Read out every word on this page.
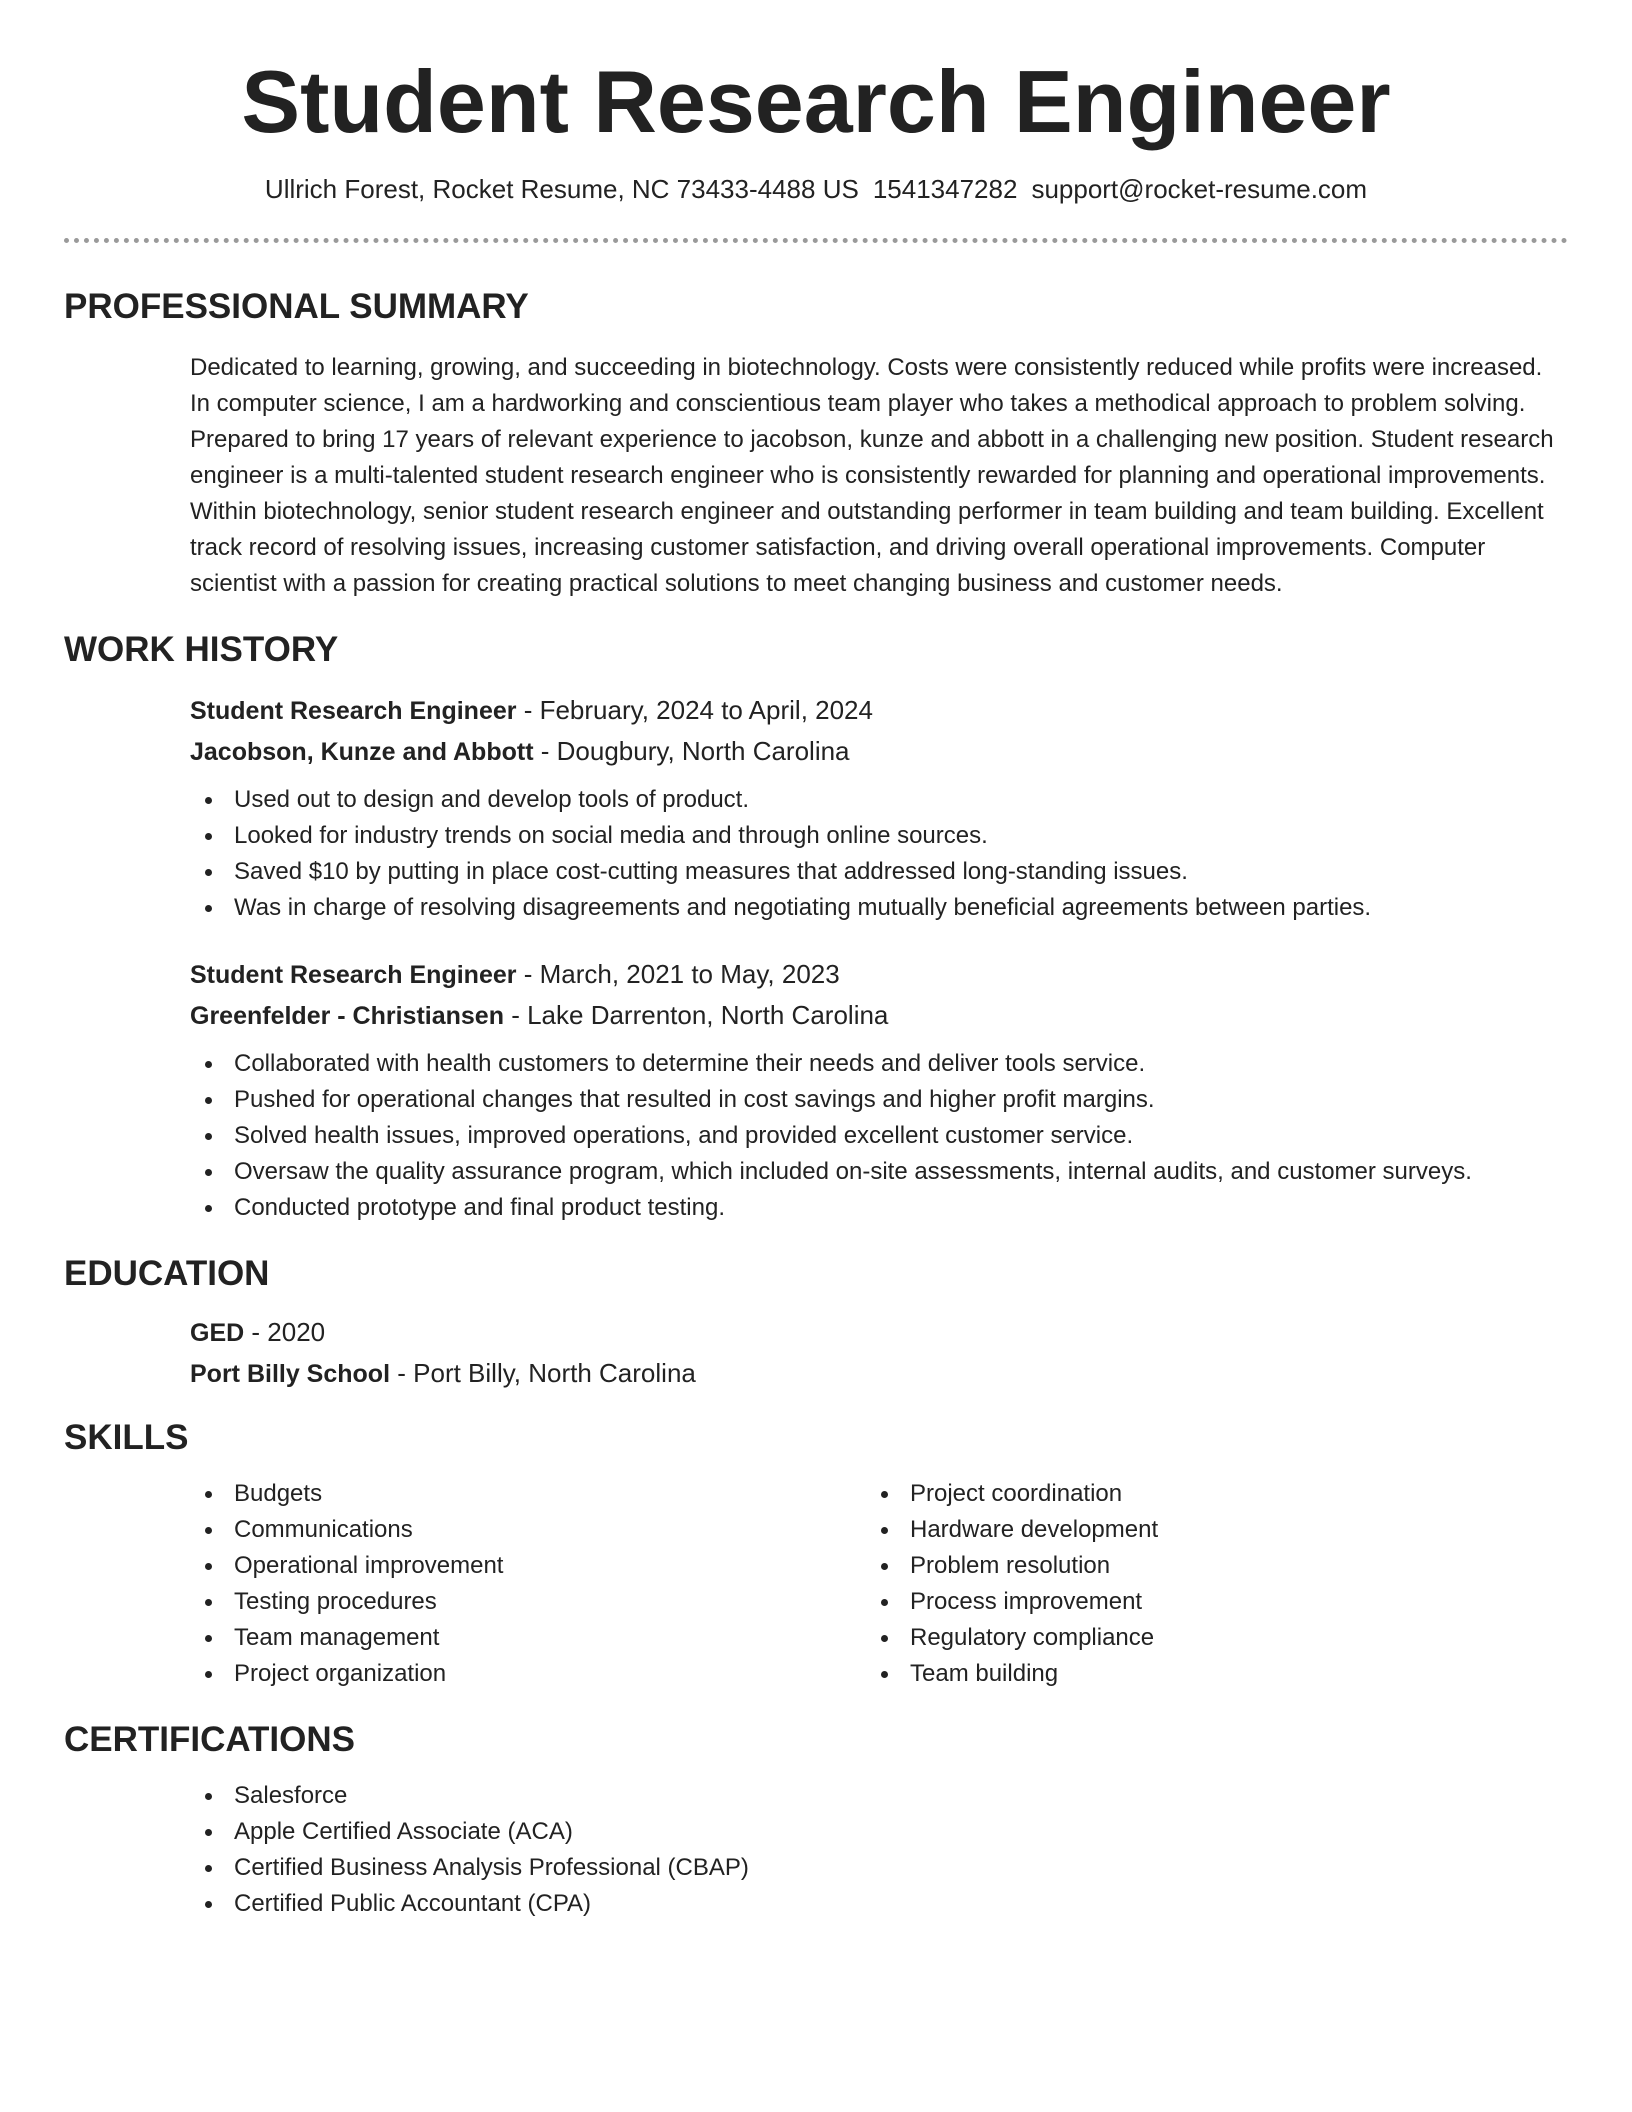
Student Research Engineer
Ullrich Forest, Rocket Resume, NC 73433-4488 US 1541347282 support@rocket-resume.com
PROFESSIONAL SUMMARY

Dedicated to learning, growing, and succeeding in biotechnology. Costs were consistently reduced while profits were increased. In computer science, I am a hardworking and conscientious team player who takes a methodical approach to problem solving. Prepared to bring 17 years of relevant experience to jacobson, kunze and abbott in a challenging new position. Student research engineer is a multi-talented student research engineer who is consistently rewarded for planning and operational improvements. Within biotechnology, senior student research engineer and outstanding performer in team building and team building. Excellent track record of resolving issues, increasing customer satisfaction, and driving overall operational improvements. Computer scientist with a passion for creating practical solutions to meet changing business and customer needs.

WORK HISTORY
Student Research Engineer - February, 2024 to April, 2024
Jacobson, Kunze and Abbott - Dougbury, North Carolina
Used out to design and develop tools of product.
Looked for industry trends on social media and through online sources.
Saved $10 by putting in place cost-cutting measures that addressed long-standing issues.
Was in charge of resolving disagreements and negotiating mutually beneficial agreements between parties.
Student Research Engineer - March, 2021 to May, 2023
Greenfelder - Christiansen - Lake Darrenton, North Carolina
Collaborated with health customers to determine their needs and deliver tools service.
Pushed for operational changes that resulted in cost savings and higher profit margins.
Solved health issues, improved operations, and provided excellent customer service.
Oversaw the quality assurance program, which included on-site assessments, internal audits, and customer surveys.
Conducted prototype and final product testing.
EDUCATION
GED - 2020
Port Billy School - Port Billy, North Carolina
SKILLS
Budgets
Communications
Operational improvement
Testing procedures
Team management
Project organization
Project coordination
Hardware development
Problem resolution
Process improvement
Regulatory compliance
Team building
CERTIFICATIONS
Salesforce
Apple Certified Associate (ACA)
Certified Business Analysis Professional (CBAP)
Certified Public Accountant (CPA)
